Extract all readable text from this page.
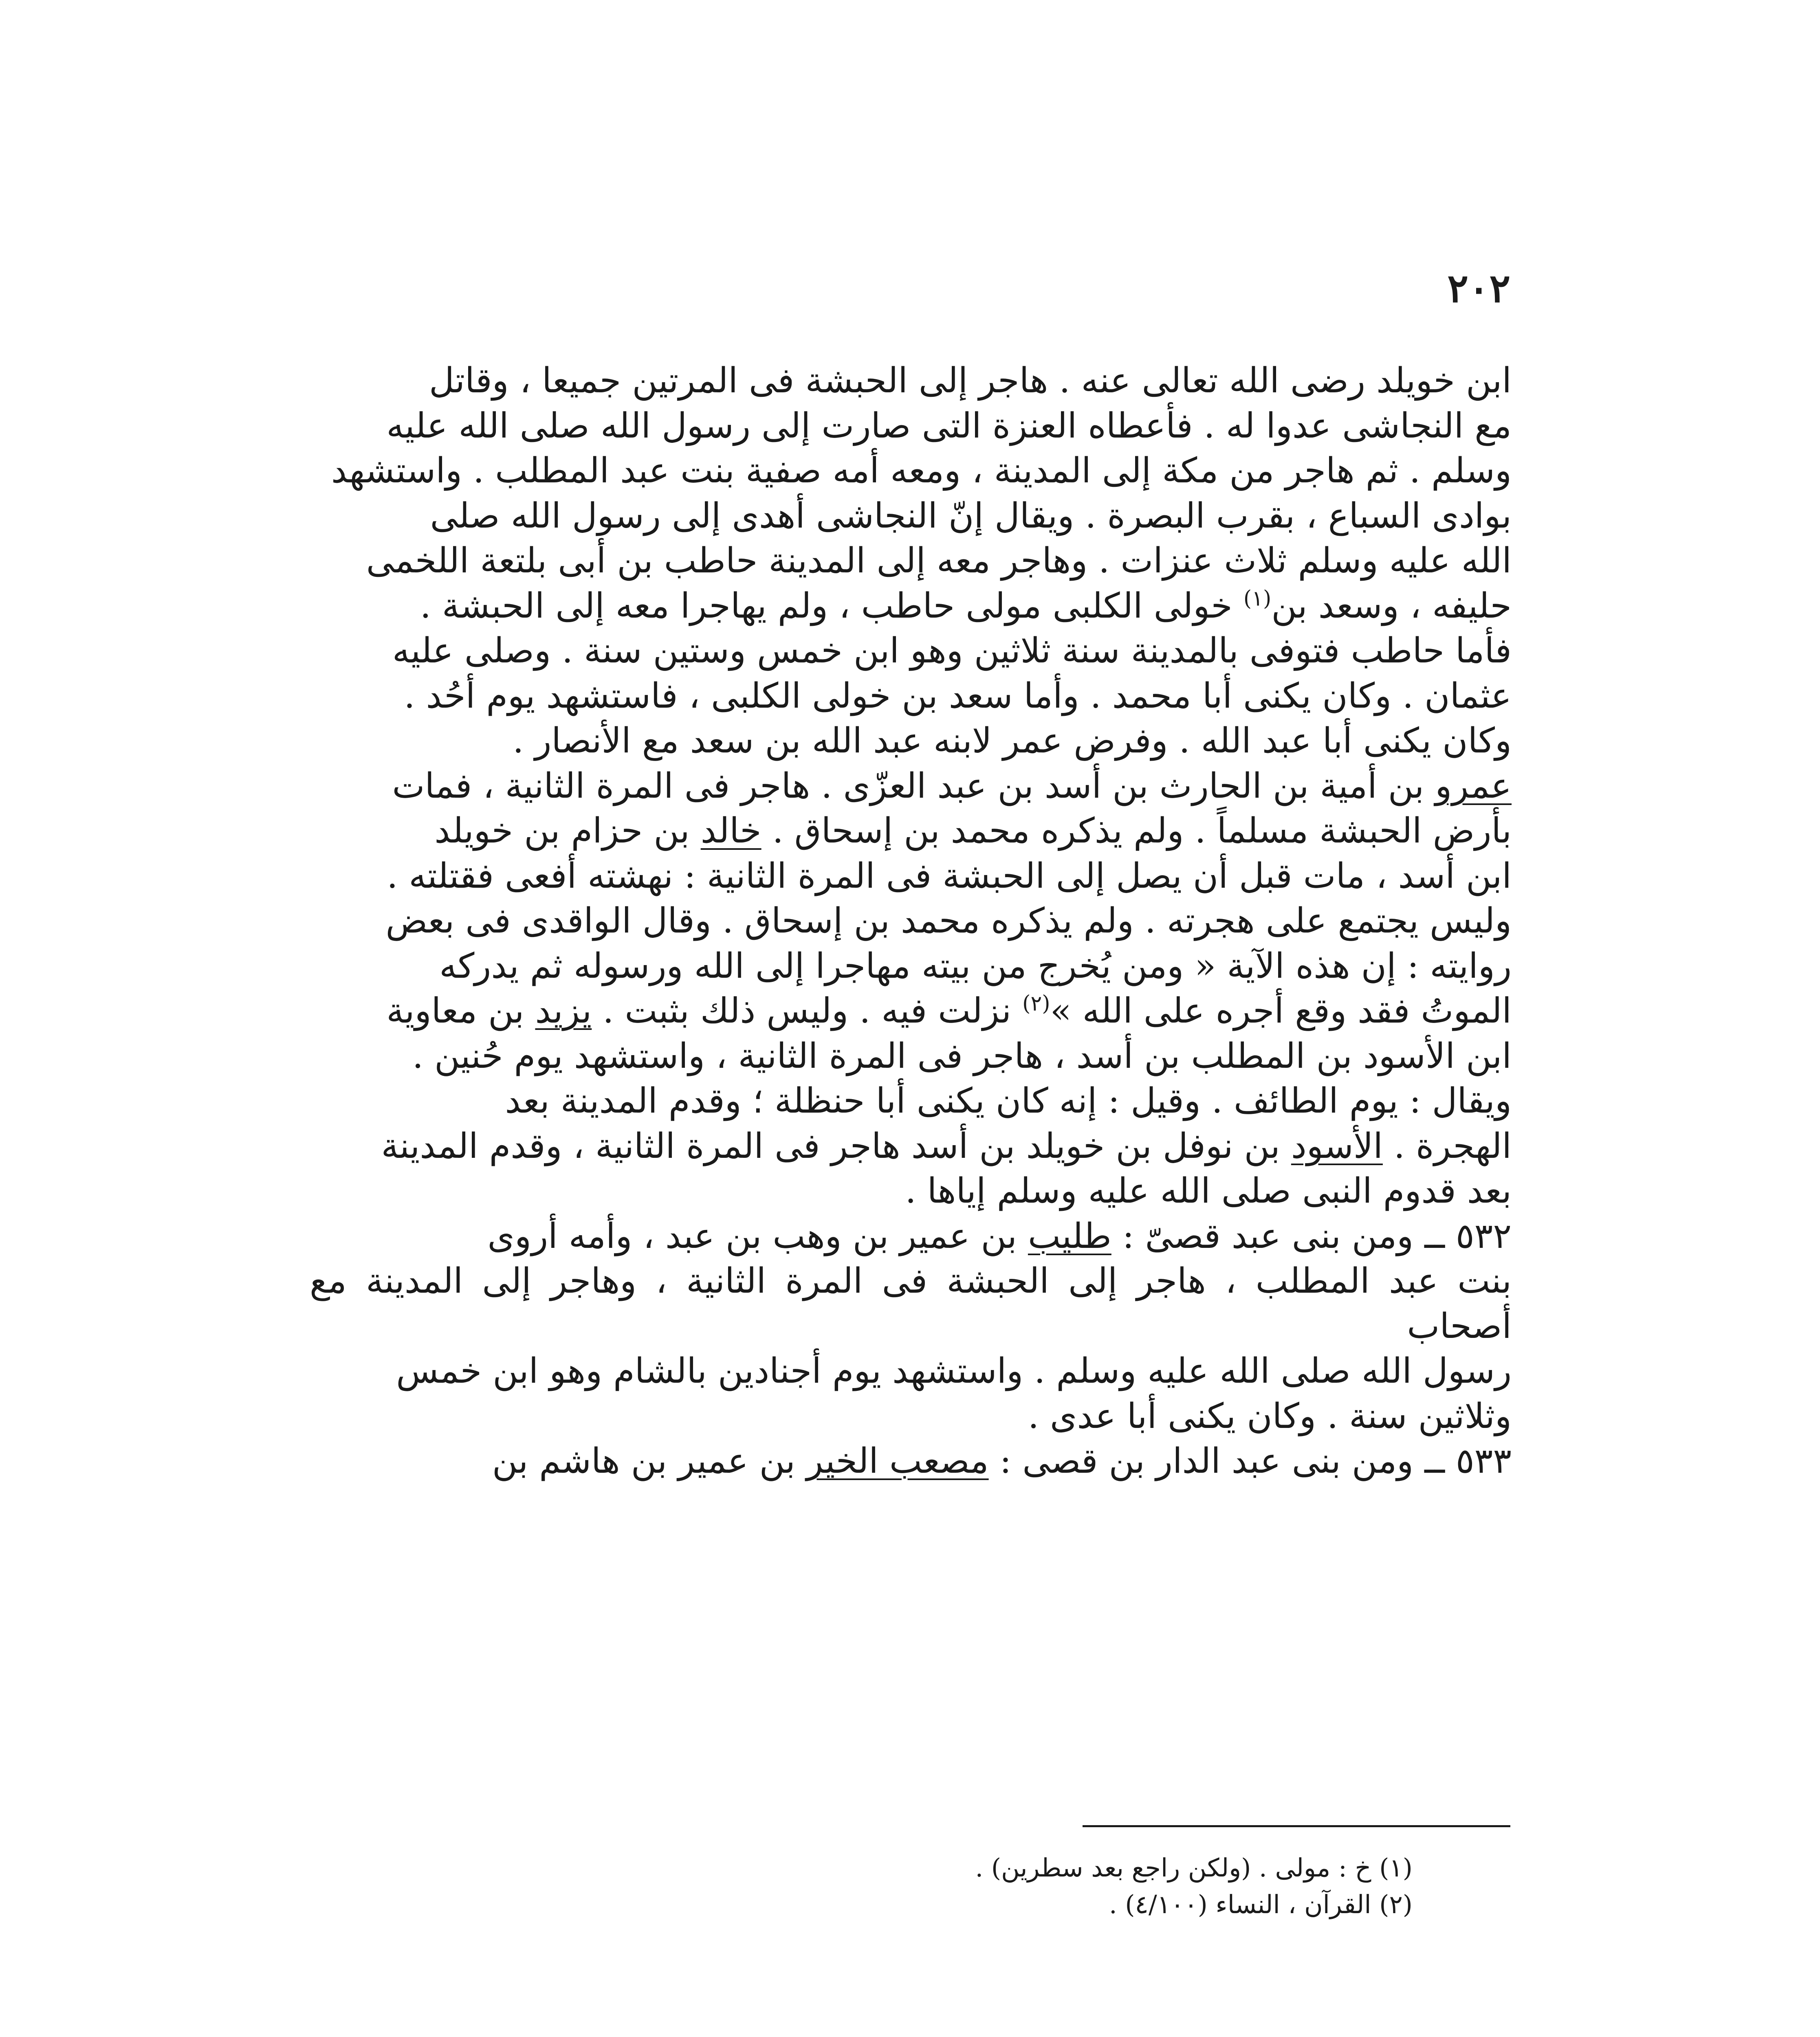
٢٠٢
ابن خويلد رضى الله تعالى عنه . هاجر إلى الحبشة فى المرتين جميعا ، وقاتل
مع النجاشى عدوا له . فأعطاه العنزة التى صارت إلى رسول الله صلى الله عليه
وسلم . ثم هاجر من مكة إلى المدينة ، ومعه أمه صفية بنت عبد المطلب . واستشهد
بوادى السباع ، بقرب البصرة . ويقال إنّ النجاشى أهدى إلى رسول الله صلى
الله عليه وسلم ثلاث عنزات . وهاجر معه إلى المدينة حاطب بن أبى بلتعة اللخمى
حليفه ، وسعد بن$^{(١)}$ خولى الكلبى مولى حاطب ، ولم يهاجرا معه إلى الحبشة .
فأما حاطب فتوفى بالمدينة سنة ثلاثين وهو ابن خمس وستين سنة . وصلى عليه
عثمان . وكان يكنى أبا محمد . وأما سعد بن خولى الكلبى ، فاستشهد يوم أحُد .
وكان يكنى أبا عبد الله . وفرض عمر لابنه عبد الله بن سعد مع الأنصار .
عمرو بن أمية بن الحارث بن أسد بن عبد العزّى . هاجر فى المرة الثانية ، فمات
بأرض الحبشة مسلماً . ولم يذكره محمد بن إسحاق . خالد بن حزام بن خويلد
ابن أسد ، مات قبل أن يصل إلى الحبشة فى المرة الثانية : نهشته أفعى فقتلته .
وليس يجتمع على هجرته . ولم يذكره محمد بن إسحاق . وقال الواقدى فى بعض
روايته : إن هذه الآية « ومن يُخرج من بيته مهاجرا إلى الله ورسوله ثم يدركه
الموتُ فقد وقع أجره على الله »$^{(٢)}$ نزلت فيه . وليس ذلك بثبت . يزيد بن معاوية
ابن الأسود بن المطلب بن أسد ، هاجر فى المرة الثانية ، واستشهد يوم حُنين .
ويقال : يوم الطائف . وقيل : إنه كان يكنى أبا حنظلة ؛ وقدم المدينة بعد
الهجرة . الأسود بن نوفل بن خويلد بن أسد هاجر فى المرة الثانية ، وقدم المدينة
بعد قدوم النبى صلى الله عليه وسلم إياها .
٥٣٢ ــ ومن بنى عبد قصىّ : طليب بن عمير بن وهب بن عبد ، وأمه أروى
بنت عبد المطلب ، هاجر إلى الحبشة فى المرة الثانية ، وهاجر إلى المدينة مع أصحاب
رسول الله صلى الله عليه وسلم . واستشهد يوم أجنادين بالشام وهو ابن خمس
وثلاثين سنة . وكان يكنى أبا عدى .
٥٣٣ ــ ومن بنى عبد الدار بن قصى : مصعب الخير بن عمير بن هاشم بن
(١) خ : مولى . (ولكن راجع بعد سطرين) .
(٢) القرآن ، النساء (٤/١٠٠) .
